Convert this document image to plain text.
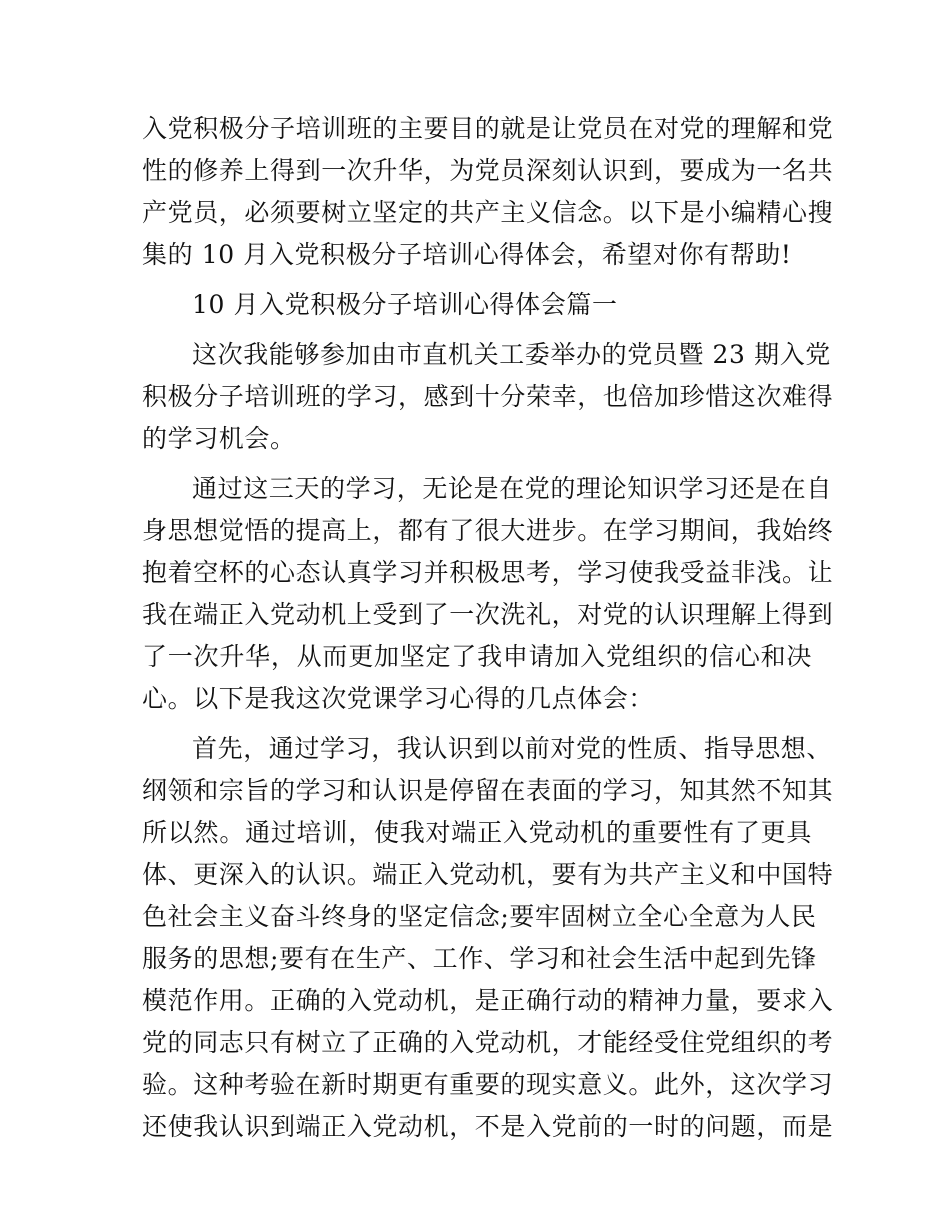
入党积极分子培训班的主要目的就是让党员在对党的理解和党
性的修养上得到一次升华，为党员深刻认识到，要成为一名共
产党员，必须要树立坚定的共产主义信念。以下是小编精心搜
集的 10 月入党积极分子培训心得体会，希望对你有帮助!
10 月入党积极分子培训心得体会篇一
这次我能够参加由市直机关工委举办的党员暨 23 期入党
积极分子培训班的学习，感到十分荣幸，也倍加珍惜这次难得
的学习机会。
通过这三天的学习，无论是在党的理论知识学习还是在自
身思想觉悟的提高上，都有了很大进步。在学习期间，我始终
抱着空杯的心态认真学习并积极思考，学习使我受益非浅。让
我在端正入党动机上受到了一次洗礼，对党的认识理解上得到
了一次升华，从而更加坚定了我申请加入党组织的信心和决
心。以下是我这次党课学习心得的几点体会：
首先，通过学习，我认识到以前对党的性质、指导思想、
纲领和宗旨的学习和认识是停留在表面的学习，知其然不知其
所以然。通过培训，使我对端正入党动机的重要性有了更具
体、更深入的认识。端正入党动机，要有为共产主义和中国特
色社会主义奋斗终身的坚定信念;要牢固树立全心全意为人民
服务的思想;要有在生产、工作、学习和社会生活中起到先锋
模范作用。正确的入党动机，是正确行动的精神力量，要求入
党的同志只有树立了正确的入党动机，才能经受住党组织的考
验。这种考验在新时期更有重要的现实意义。此外，这次学习
还使我认识到端正入党动机，不是入党前的一时的问题，而是
